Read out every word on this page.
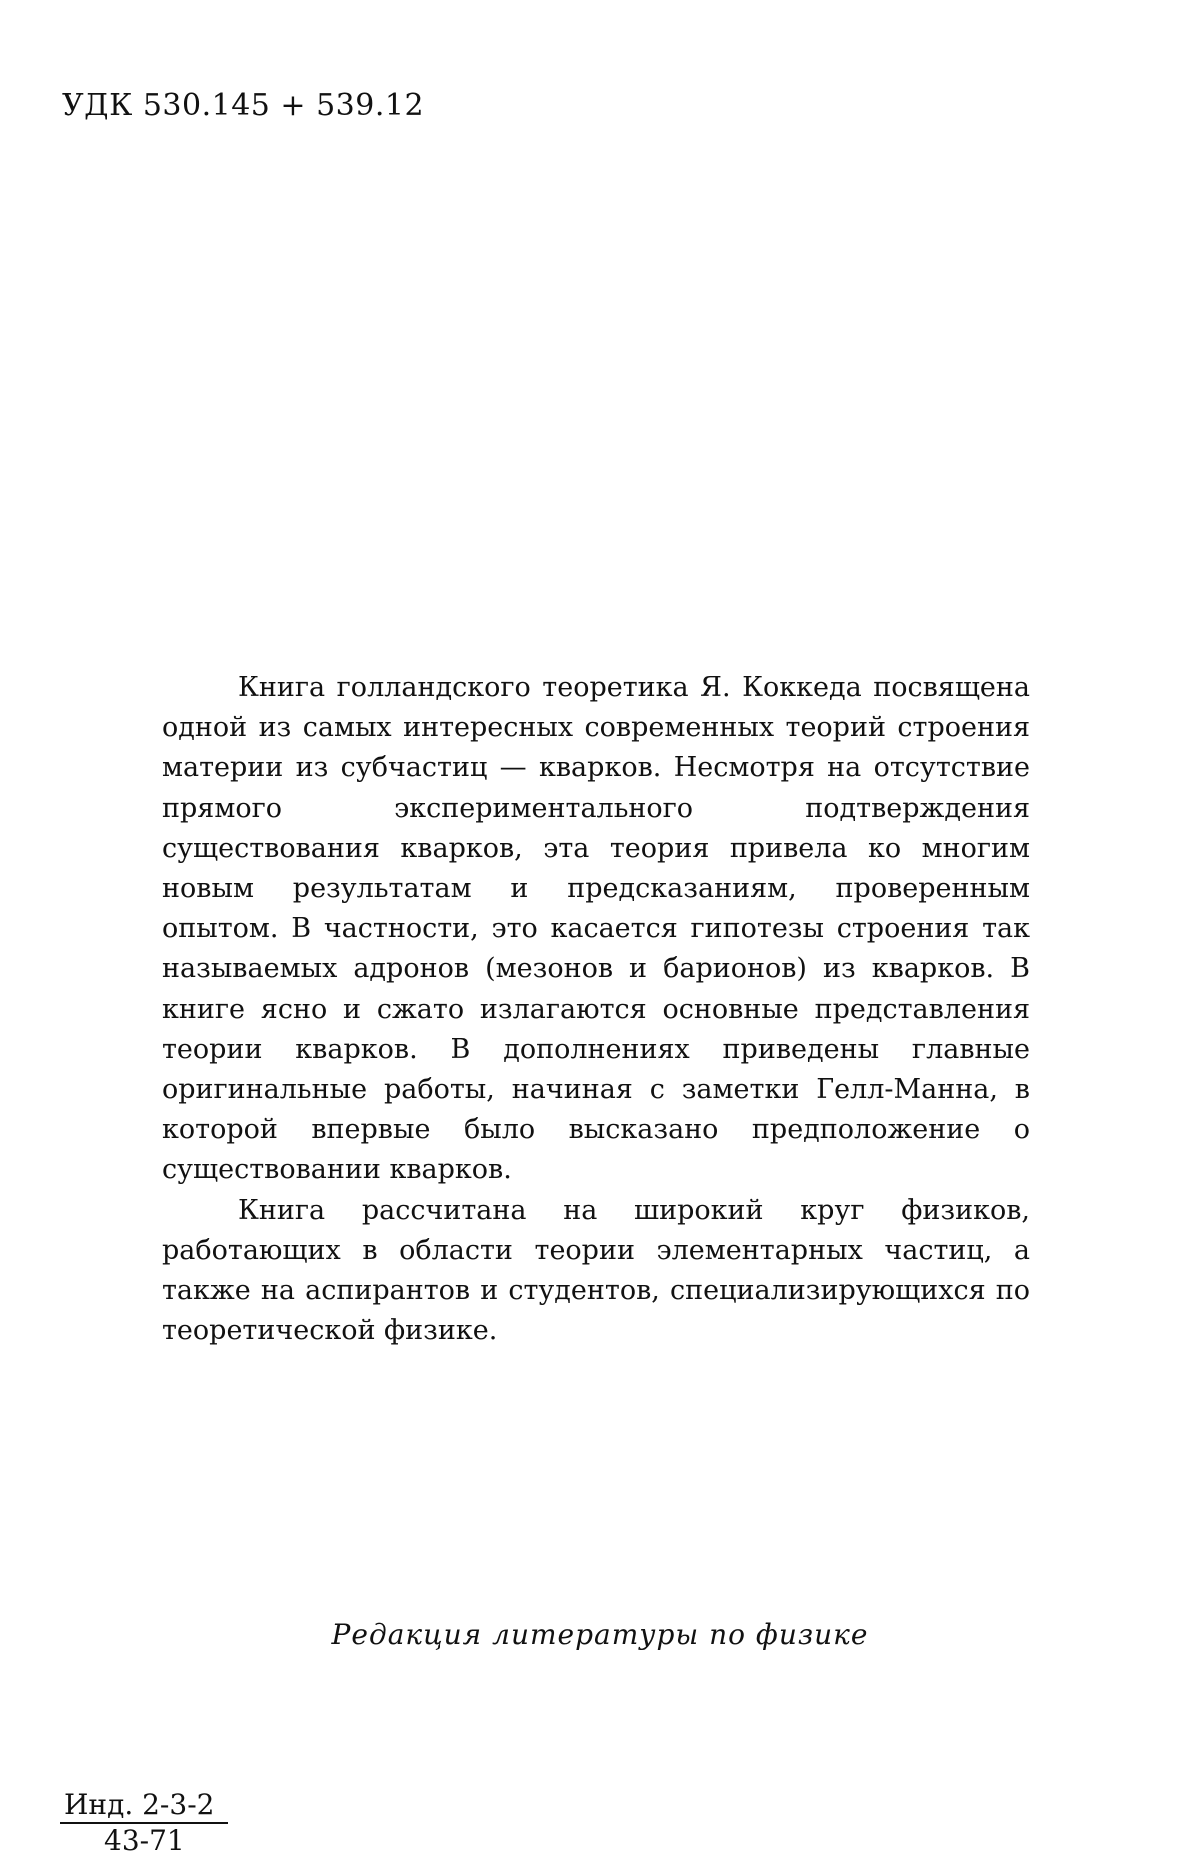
УДК 530.145 + 539.12

Книга голландского теоретика Я. Коккеда посвящена одной из самых интересных современных теорий строения материи из субчастиц — кварков. Несмотря на отсутствие прямого экспериментального подтверждения существования кварков, эта теория привела ко многим новым результатам и предсказаниям, проверенным опытом. В частности, это касается гипотезы строения так называемых адронов (мезонов и барионов) из кварков. В книге ясно и сжато излагаются основные представления теории кварков. В дополнениях приведены главные оригинальные работы, начиная с заметки Гелл-Манна, в которой впервые было высказано предположение о существовании кварков.

Книга рассчитана на широкий круг физиков, работающих в области теории элементарных частиц, а также на аспирантов и студентов, специализирующихся по теоретической физике.

Редакция литературы по физике
Инд. 2-3-2
43-71
